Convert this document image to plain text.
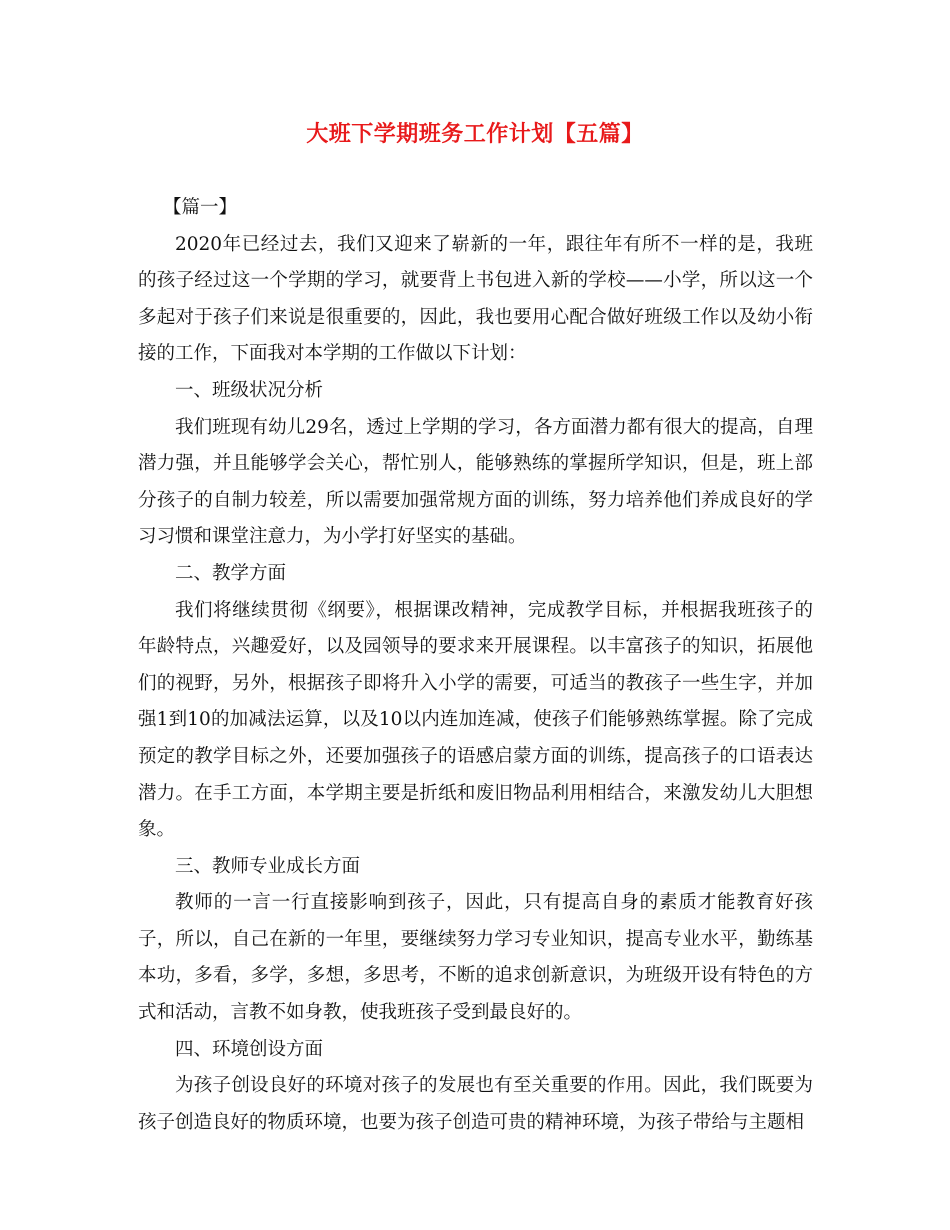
大班下学期班务工作计划【五篇】

【篇一】

2020年已经过去，我们又迎来了崭新的一年，跟往年有所不一样的是，我班的孩子经过这一个学期的学习，就要背上书包进入新的学校——小学，所以这一个多起对于孩子们来说是很重要的，因此，我也要用心配合做好班级工作以及幼小衔接的工作，下面我对本学期的工作做以下计划：

一、班级状况分析

我们班现有幼儿29名，透过上学期的学习，各方面潜力都有很大的提高，自理潜力强，并且能够学会关心，帮忙别人，能够熟练的掌握所学知识，但是，班上部分孩子的自制力较差，所以需要加强常规方面的训练，努力培养他们养成良好的学习习惯和课堂注意力，为小学打好坚实的基础。

二、教学方面

我们将继续贯彻《纲要》，根据课改精神，完成教学目标，并根据我班孩子的年龄特点，兴趣爱好，以及园领导的要求来开展课程。以丰富孩子的知识，拓展他们的视野，另外，根据孩子即将升入小学的需要，可适当的教孩子一些生字，并加强1到10的加减法运算，以及10以内连加连减，使孩子们能够熟练掌握。除了完成预定的教学目标之外，还要加强孩子的语感启蒙方面的训练，提高孩子的口语表达潜力。在手工方面，本学期主要是折纸和废旧物品利用相结合，来激发幼儿大胆想象。

三、教师专业成长方面

教师的一言一行直接影响到孩子，因此，只有提高自身的素质才能教育好孩子，所以，自己在新的一年里，要继续努力学习专业知识，提高专业水平，勤练基本功，多看，多学，多想，多思考，不断的追求创新意识，为班级开设有特色的方式和活动，言教不如身教，使我班孩子受到最良好的。

四、环境创设方面

为孩子创设良好的环境对孩子的发展也有至关重要的作用。因此，我们既要为孩子创造良好的物质环境，也要为孩子创造可贵的精神环境，为孩子带给与主题相
